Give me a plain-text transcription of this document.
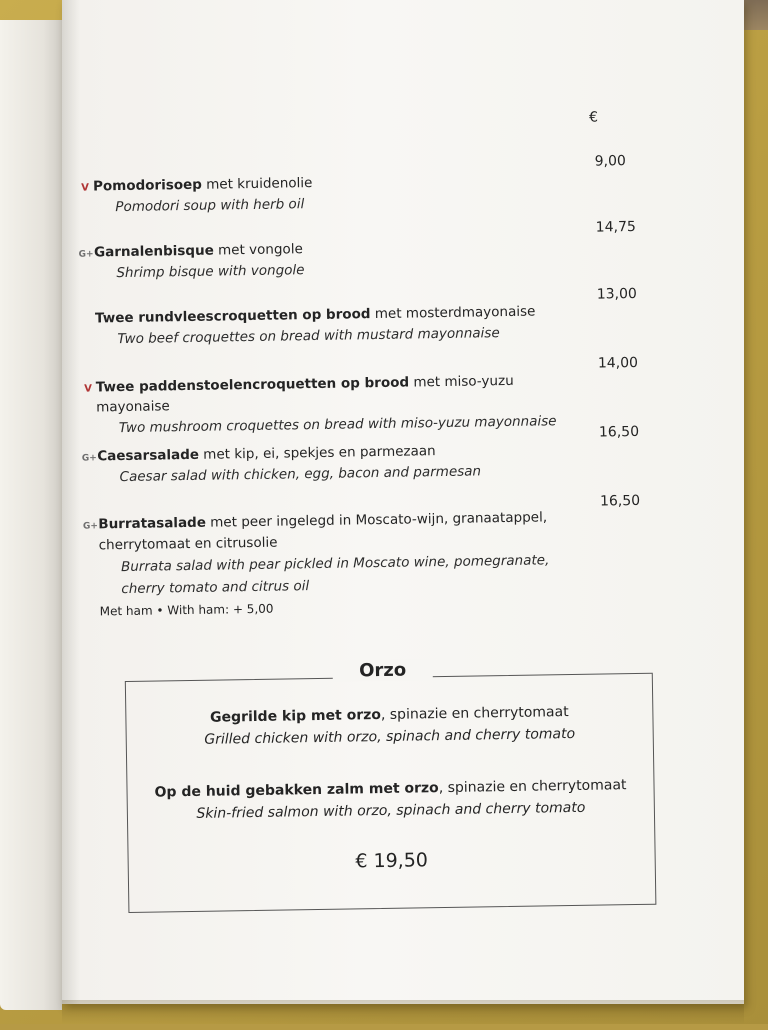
€
V Pomodorisoep met kruidenolie
Pomodori soup with herb oil
9,00
G+ Garnalenbisque met vongole
Shrimp bisque with vongole
14,75
Twee rundvleescroquetten op brood met mosterdmayonaise
Two beef croquettes on bread with mustard mayonnaise
13,00
V Twee paddenstoelencroquetten op brood met miso-yuzu mayonaise
Two mushroom croquettes on bread with miso-yuzu mayonnaise
14,00
G+ Caesarsalade met kip, ei, spekjes en parmezaan
Caesar salad with chicken, egg, bacon and parmesan
16,50
G+ Burratasalade met peer ingelegd in Moscato-wijn, granaatappel,
cherrytomaat en citrusolie
Burrata salad with pear pickled in Moscato wine, pomegranate,
cherry tomato and citrus oil
Met ham • With ham: + 5,00
16,50
Orzo
Gegrilde kip met orzo, spinazie en cherrytomaat
Grilled chicken with orzo, spinach and cherry tomato
Op de huid gebakken zalm met orzo, spinazie en cherrytomaat
Skin-fried salmon with orzo, spinach and cherry tomato
€ 19,50
